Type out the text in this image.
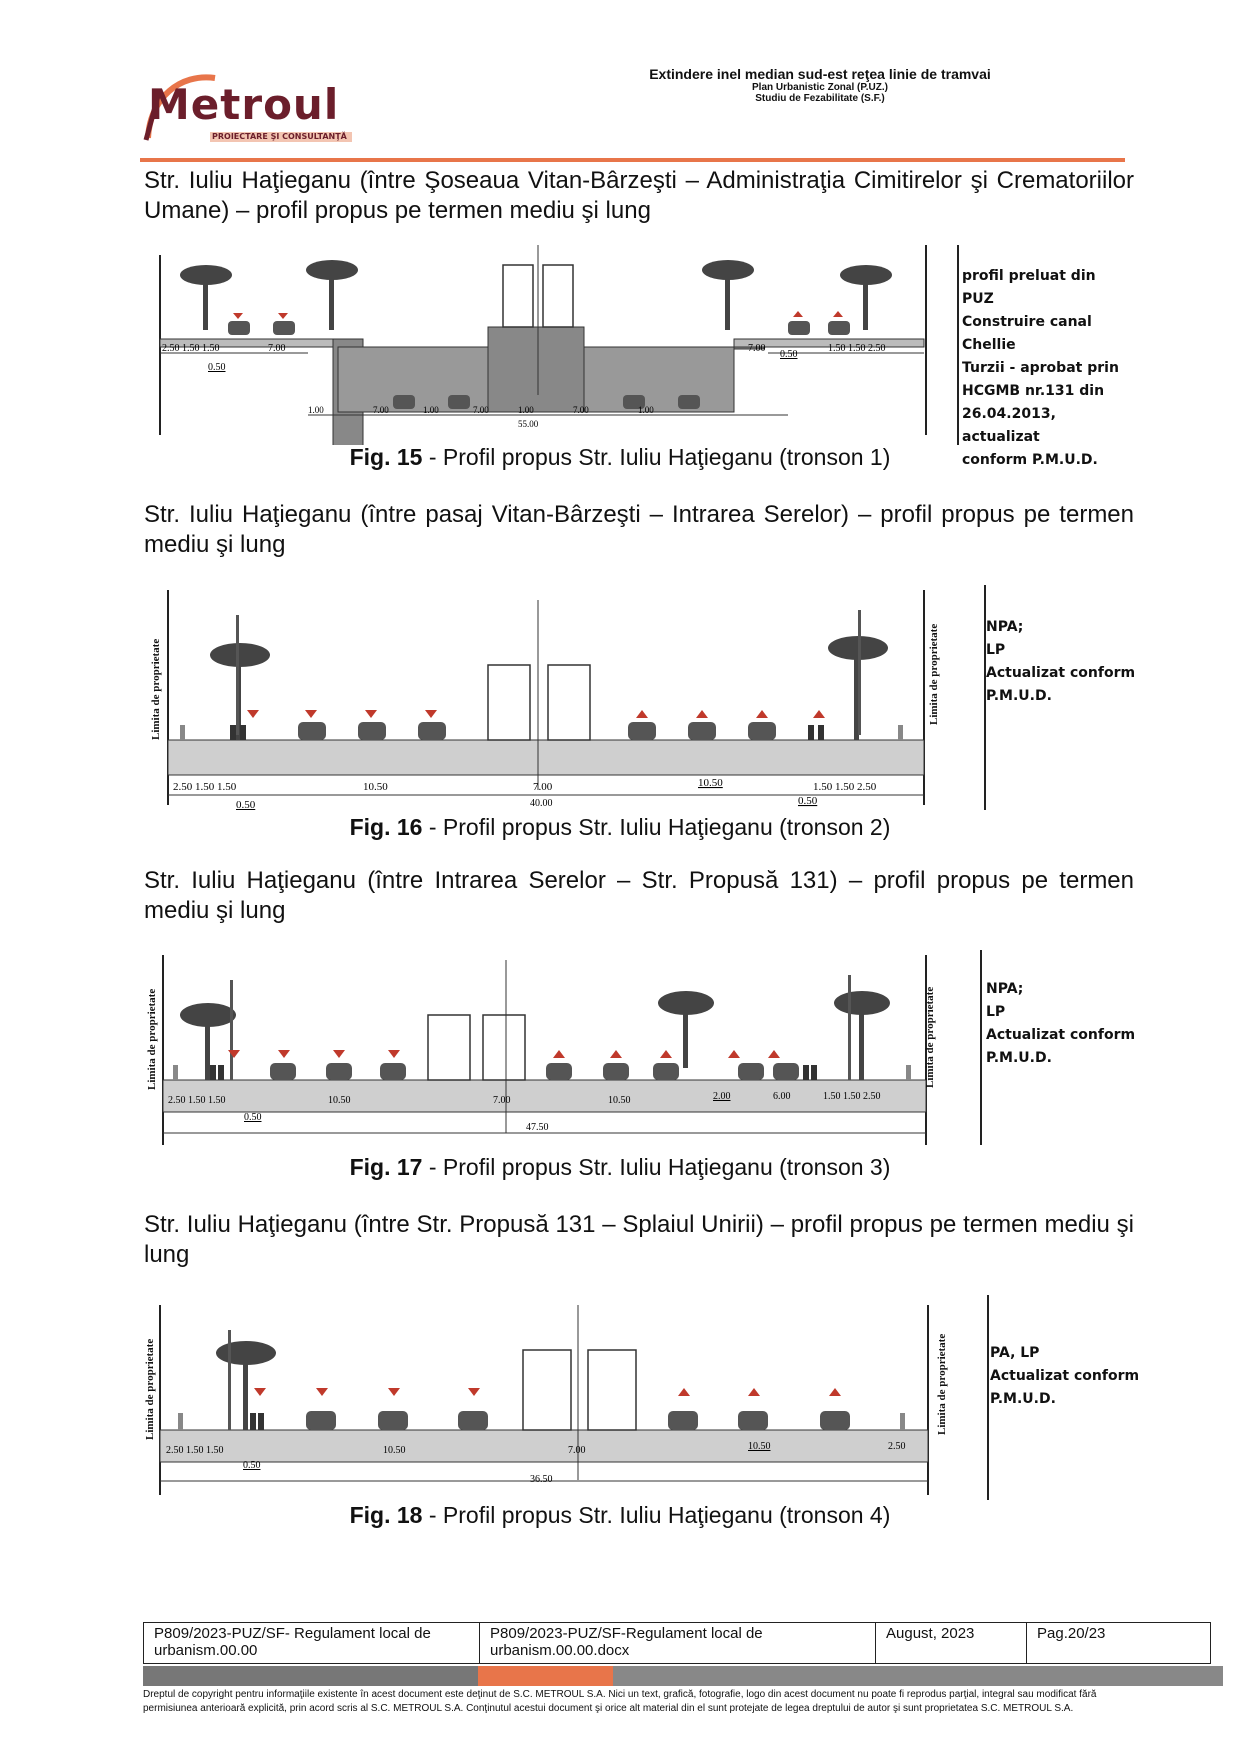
Metroul
PROIECTARE ŞI CONSULTANŢĂ
Extindere inel median sud-est reţea linie de tramvai
Plan Urbanistic Zonal (P.UZ.)
Studiu de Fezabilitate (S.F.)
Str. Iuliu Haţieganu (între Şoseaua Vitan-Bârzeşti – Administraţia Cimitirelor şi Crematoriilor Umane) – profil propus pe termen mediu şi lung
2.50 1.50 1.50	7.00
0.50
7.00	1.50 1.50 2.50
0.50
1.00	7.00	1.00	7.00	1.00	7.00	1.00
55.00
profil preluat din PUZ
Construire canal Chellie
Turzii - aprobat prin
HCGMB nr.131 din
26.04.2013, actualizat
conform P.M.U.D.
Fig. 15 - Profil propus Str. Iuliu Haţieganu (tronson 1)
Str. Iuliu Haţieganu (între pasaj Vitan-Bârzeşti – Intrarea Serelor) – profil propus pe termen mediu şi lung
2.50 1.50 1.50
0.50
10.50	7.00	10.50	1.50 1.50 2.50
0.50
40.00
Limita de proprietate	Limita de proprietate	NPA;
LP
Actualizat conform
P.M.U.D.
Fig. 16 - Profil propus Str. Iuliu Haţieganu (tronson 2)
Str. Iuliu Haţieganu (între Intrarea Serelor – Str. Propusă 131) – profil propus pe termen mediu şi lung
2.50 1.50 1.50
0.50
10.50	7.00	10.50	2.00	6.00	1.50 1.50 2.50
47.50
Limita de proprietate	Limita de proprietate	NPA;
LP
Actualizat conform
P.M.U.D.
Fig. 17 - Profil propus Str. Iuliu Haţieganu (tronson 3)
Str. Iuliu Haţieganu (între Str. Propusă 131 – Splaiul Unirii) – profil propus pe termen mediu şi lung
2.50 1.50 1.50
0.50
10.50	7.00	10.50	2.50
36.50
Limita de proprietate	Limita de proprietate	PA, LP
Actualizat conform
P.M.U.D.
Fig. 18 - Profil propus Str. Iuliu Haţieganu (tronson 4)
P809/2023-PUZ/SF- Regulament local de urbanism.00.00
P809/2023-PUZ/SF-Regulament local de urbanism.00.00.docx
August, 2023	Pag.20/23
Dreptul de copyright pentru informaţiile existente în acest document este deţinut de S.C. METROUL S.A. Nici un text, grafică, fotografie, logo din acest document nu poate fi reprodus parţial, integral sau modificat fără permisiunea anterioară explicită, prin acord scris al S.C. METROUL S.A. Conţinutul acestui document şi orice alt material din el sunt protejate de legea dreptului de autor şi sunt proprietatea S.C. METROUL S.A.
